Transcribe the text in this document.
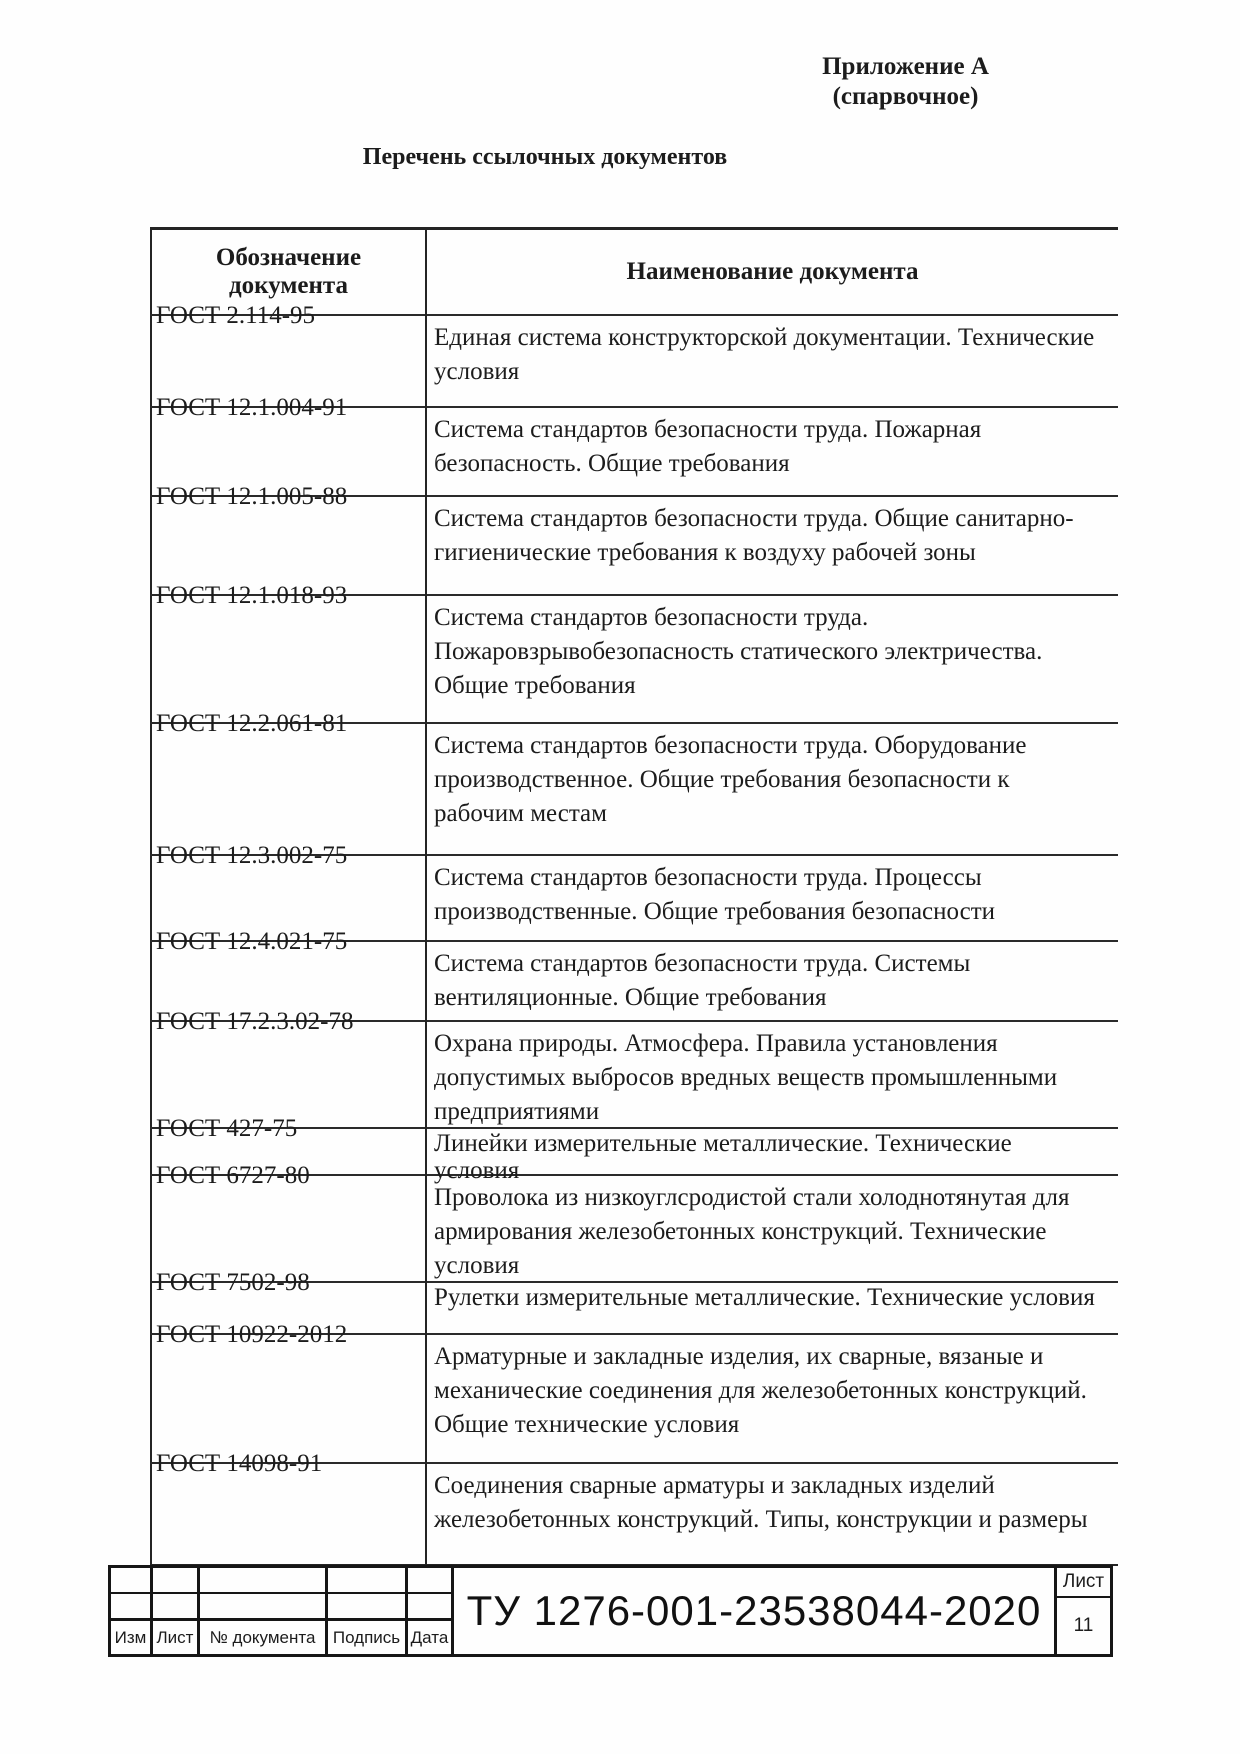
Приложение А
(спарвочное)
Перечень ссылочных документов
Обозначение документа	Наименование документа

ГОСТ 2.114-95	Единая система конструкторской документации. Технические условия

ГОСТ 12.1.004-91	Система стандартов безопасности труда. Пожарная безопасность. Общие требования

ГОСТ 12.1.005-88	Система стандартов безопасности труда. Общие санитарно- гигиенические требования к воздуху рабочей зоны

ГОСТ 12.1.018-93	Система стандартов безопасности труда. Пожаровзрывобезопасность статического электричества. Общие требования

ГОСТ 12.2.061-81	Система стандартов безопасности труда. Оборудование производственное. Общие требования безопасности к рабочим местам

ГОСТ 12.3.002-75	Система стандартов безопасности труда. Процессы производственные. Общие требования безопасности

ГОСТ 12.4.021-75	Система стандартов безопасности труда. Системы вентиляционные. Общие требования

ГОСТ 17.2.3.02-78	Охрана природы. Атмосфера. Правила установления допустимых выбросов вредных веществ промышленными предприятиями

ГОСТ 427-75	Линейки измерительные металлические. Технические условия

ГОСТ 6727-80	Проволока из низкоуглсродистой стали холоднотянутая для армирования железобетонных конструкций. Технические условия

ГОСТ 7502-98	Рулетки измерительные металлические. Технические условия

ГОСТ 10922-2012	Арматурные и закладные изделия, их сварные, вязаные и механические соединения для железобетонных конструкций. Общие технические условия

ГОСТ 14098-91	Соединения сварные арматуры и закладных изделий железобетонных конструкций. Типы, конструкции и размеры
Изм Лист № документа	Подпись Дата
ТУ 1276-001-23538044-2020
Лист
11
